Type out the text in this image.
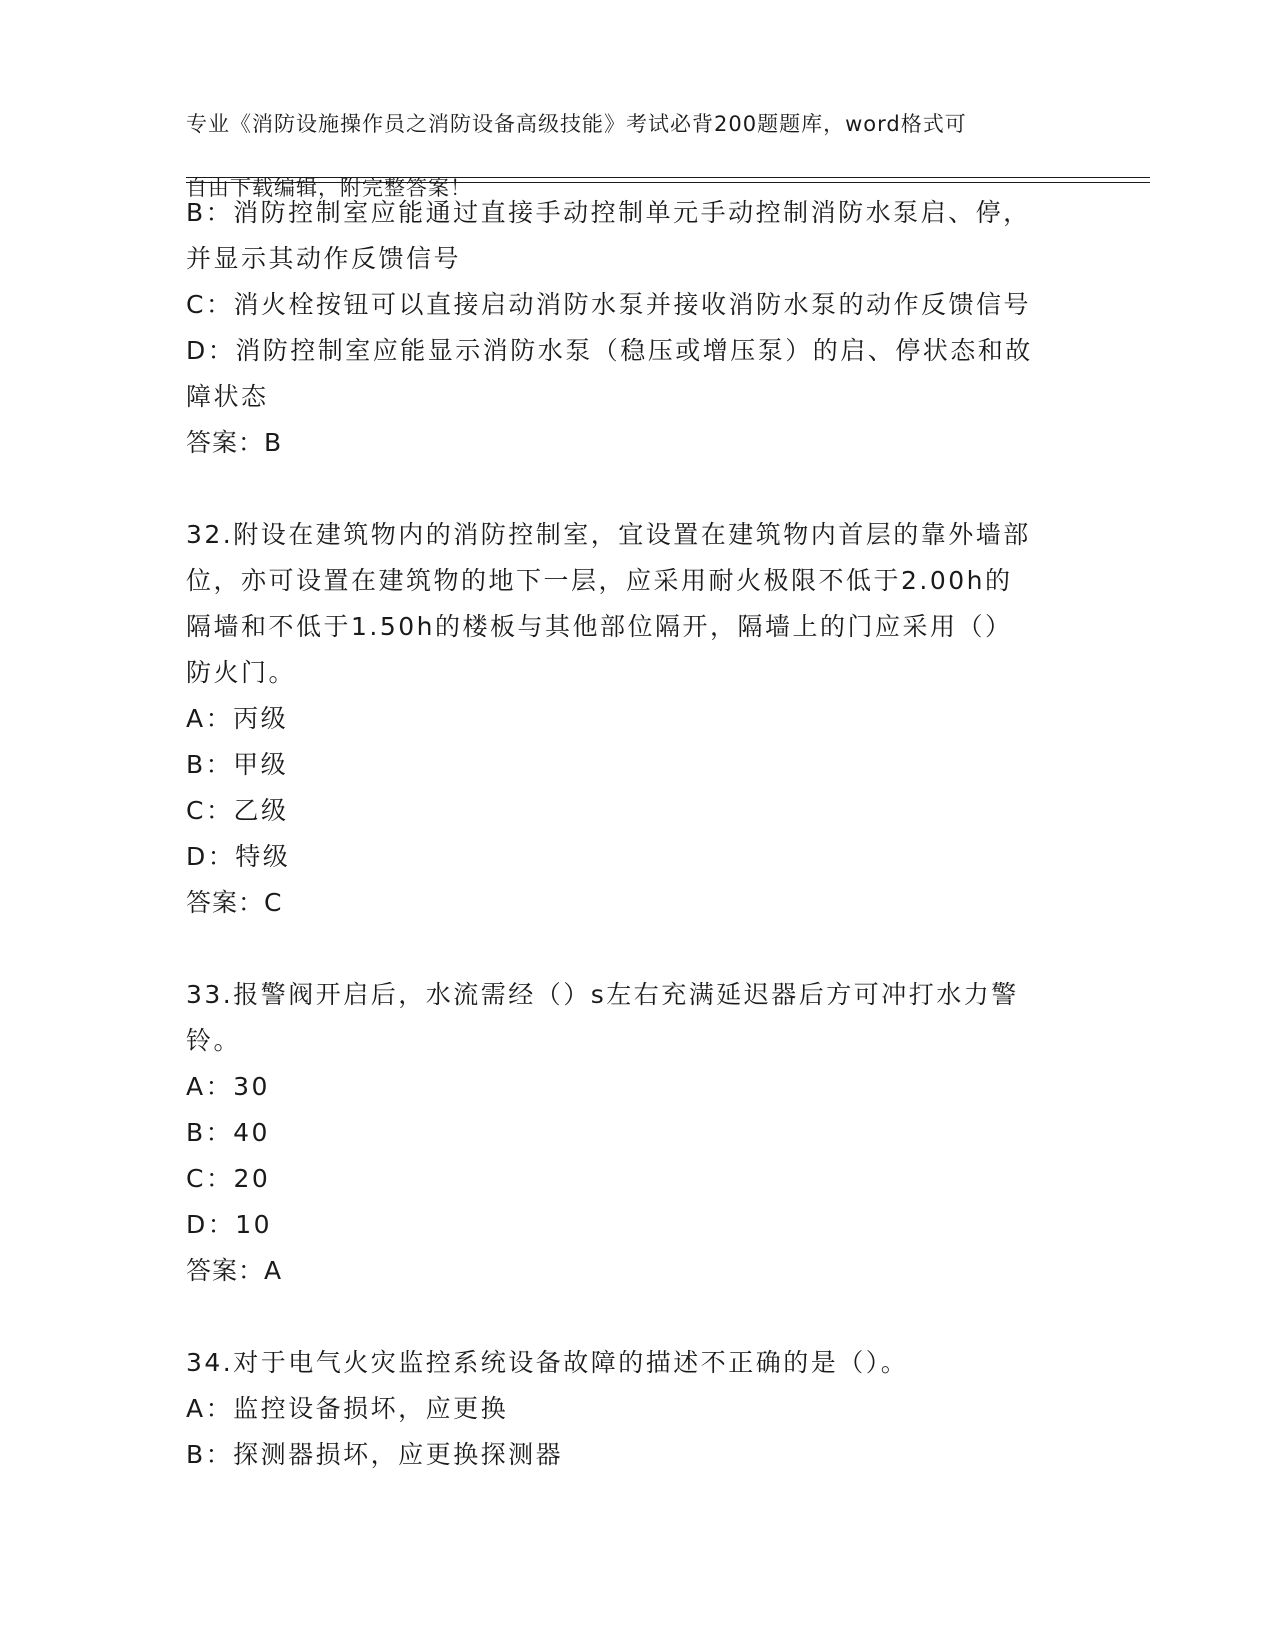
专业《消防设施操作员之消防设备高级技能》考试必背200题题库，word格式可

自由下载编辑，附完整答案！

B：消防控制室应能通过直接手动控制单元手动控制消防水泵启、停，
并显示其动作反馈信号
C：消火栓按钮可以直接启动消防水泵并接收消防水泵的动作反馈信号
D：消防控制室应能显示消防水泵（稳压或增压泵）的启、停状态和故
障状态
答案：B
32.附设在建筑物内的消防控制室，宜设置在建筑物内首层的靠外墙部
位，亦可设置在建筑物的地下一层，应采用耐火极限不低于2.00h的
隔墙和不低于1.50h的楼板与其他部位隔开，隔墙上的门应采用（）
防火门。
A：丙级
B：甲级
C：乙级
D：特级
答案：C
33.报警阀开启后，水流需经（）s左右充满延迟器后方可冲打水力警
铃。
A：30
B：40
C：20
D：10
答案：A
34.对于电气火灾监控系统设备故障的描述不正确的是（）。
A：监控设备损坏，应更换
B：探测器损坏，应更换探测器
